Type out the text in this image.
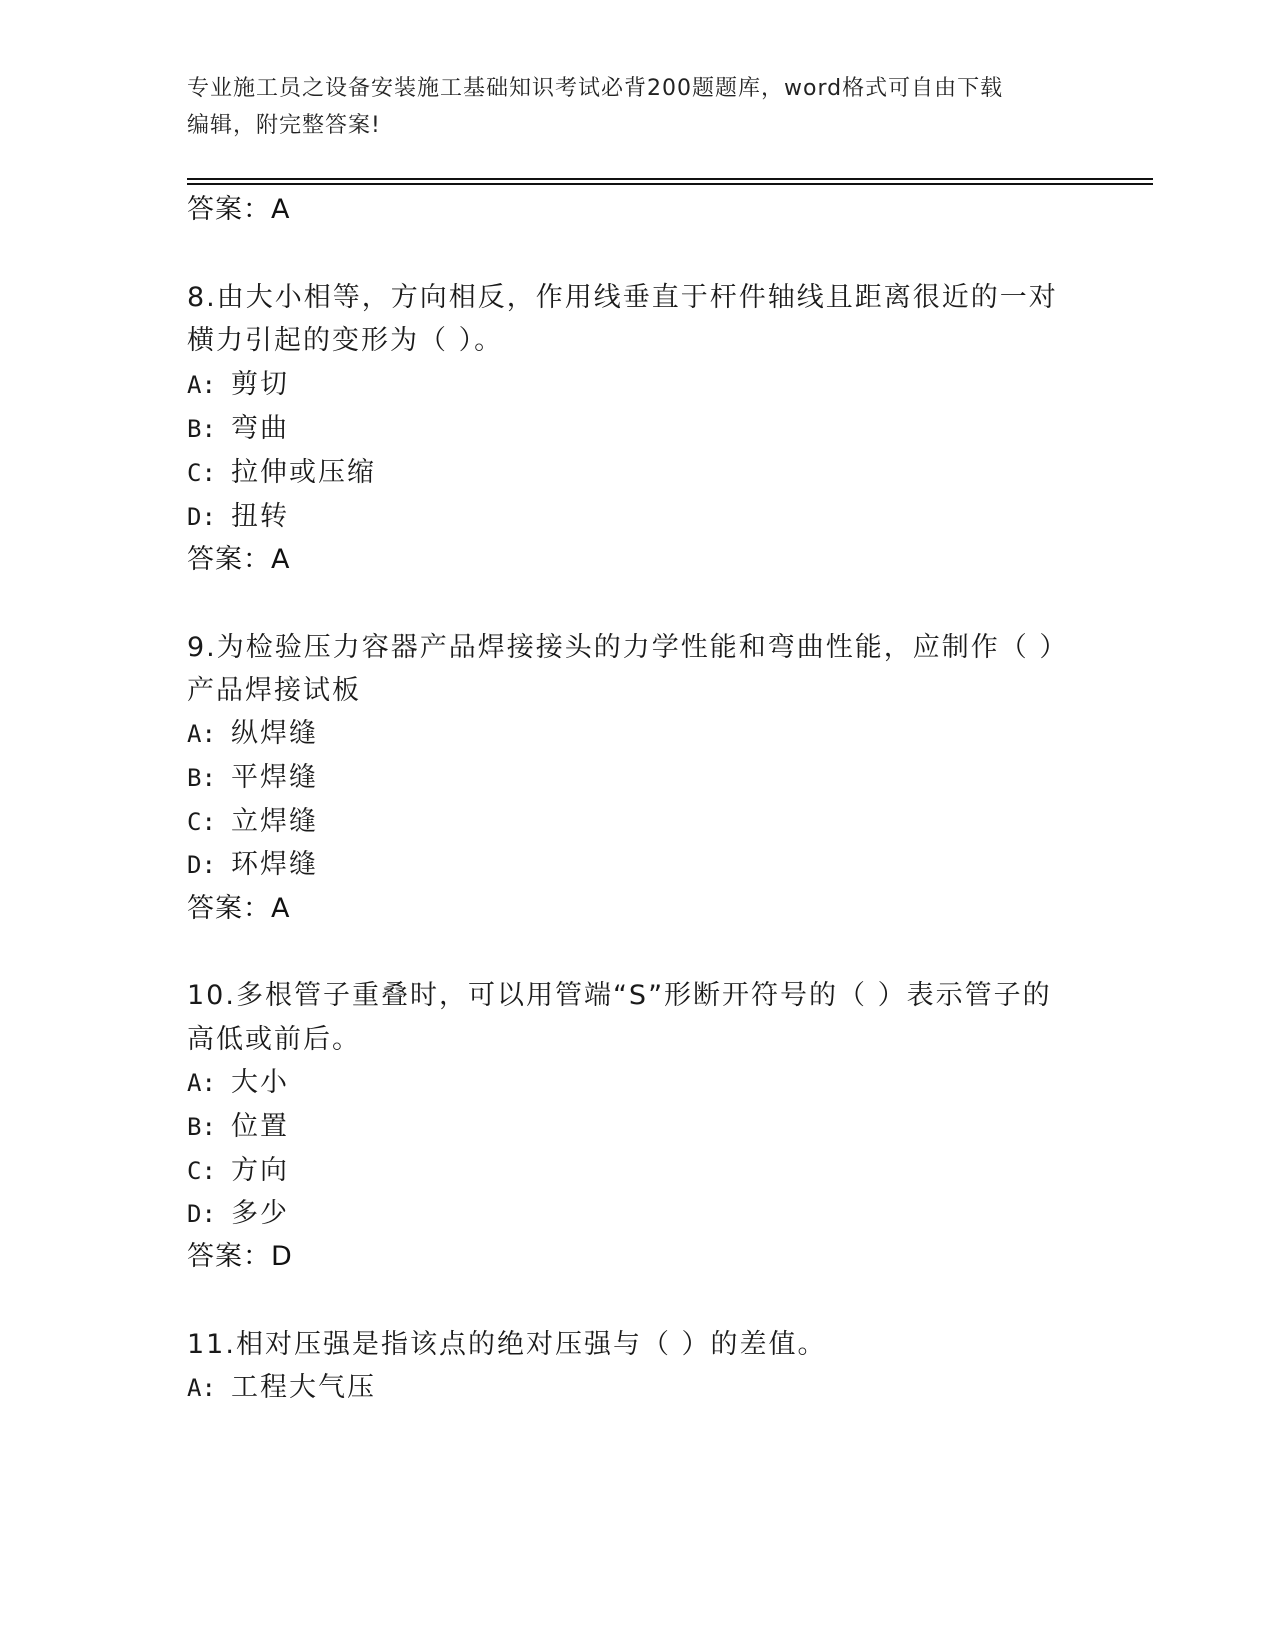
专业施工员之设备安装施工基础知识考试必背200题题库，word格式可自由下载
编辑，附完整答案!
答案：A
8.由大小相等，方向相反，作用线垂直于杆件轴线且距离很近的一对
横力引起的变形为（ ）。
A: 剪切
B: 弯曲
C: 拉伸或压缩
D: 扭转
答案：A
9.为检验压力容器产品焊接接头的力学性能和弯曲性能，应制作（ ）
产品焊接试板
A: 纵焊缝
B: 平焊缝
C: 立焊缝
D: 环焊缝
答案：A
10.多根管子重叠时，可以用管端“S”形断开符号的（ ）表示管子的
高低或前后。
A: 大小
B: 位置
C: 方向
D: 多少
答案：D
11.相对压强是指该点的绝对压强与（ ）的差值。
A: 工程大气压
